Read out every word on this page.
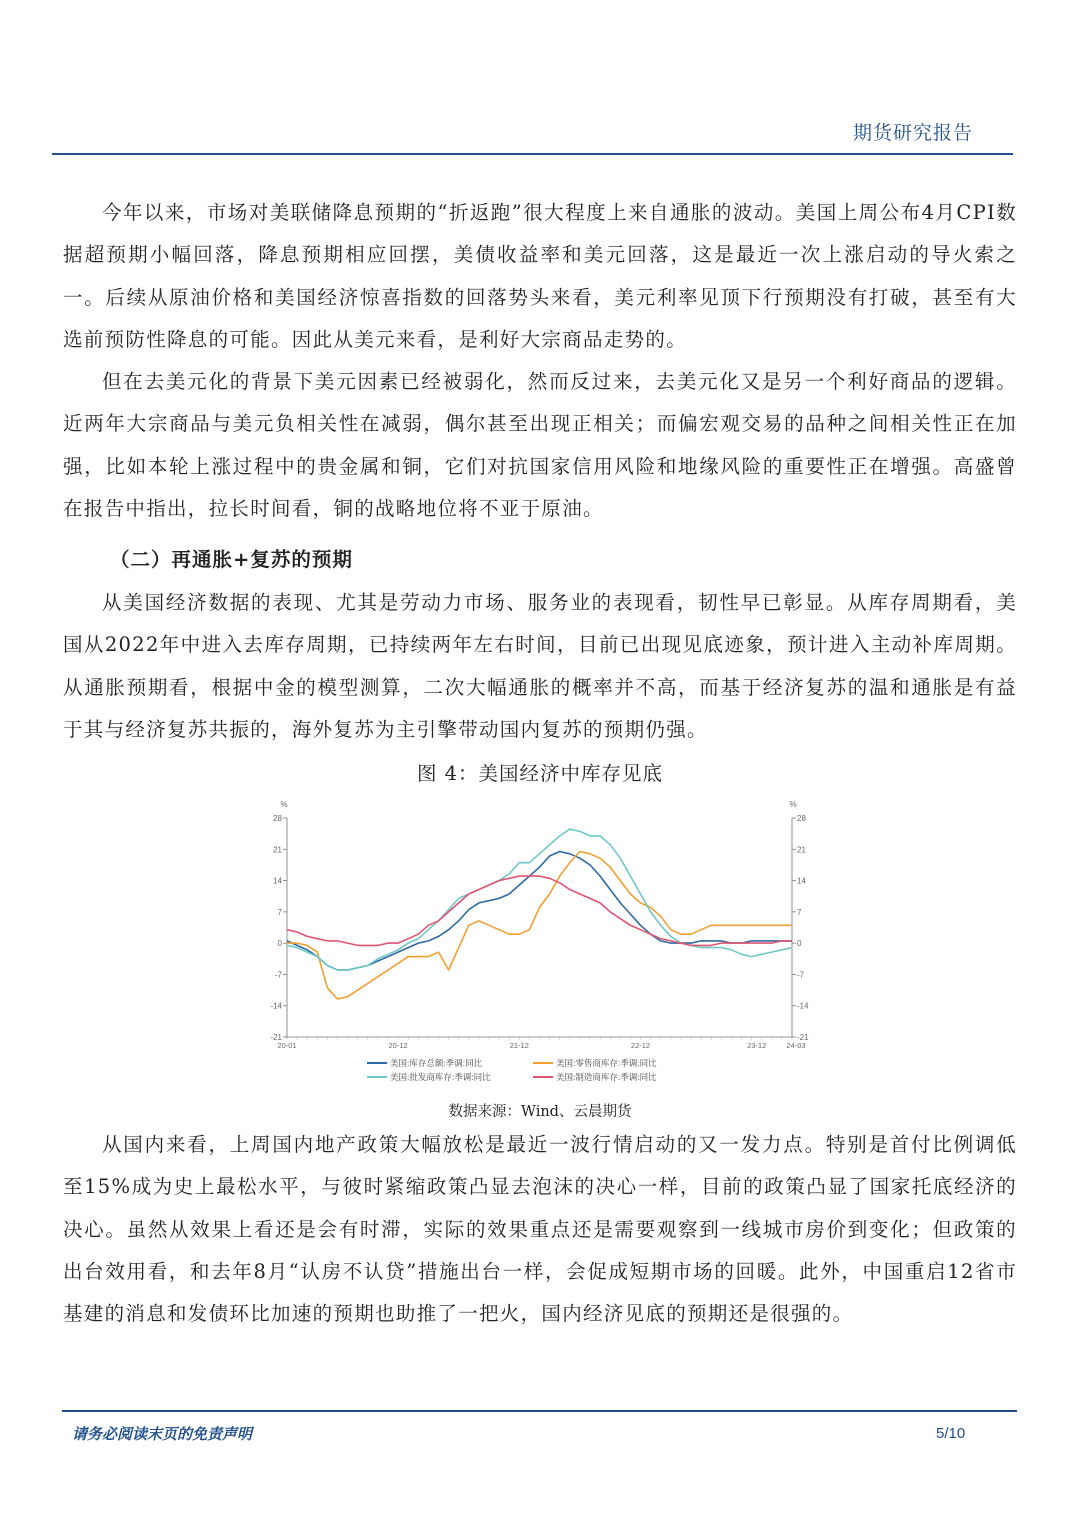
期货研究报告

今年以来，市场对美联储降息预期的“折返跑”很大程度上来自通胀的波动。美国上周公布4月CPI数据超预期小幅回落，降息预期相应回摆，美债收益率和美元回落，这是最近一次上涨启动的导火索之一。后续从原油价格和美国经济惊喜指数的回落势头来看，美元利率见顶下行预期没有打破，甚至有大选前预防性降息的可能。因此从美元来看，是利好大宗商品走势的。

但在去美元化的背景下美元因素已经被弱化，然而反过来，去美元化又是另一个利好商品的逻辑。近两年大宗商品与美元负相关性在减弱，偶尔甚至出现正相关；而偏宏观交易的品种之间相关性正在加强，比如本轮上涨过程中的贵金属和铜，它们对抗国家信用风险和地缘风险的重要性正在增强。高盛曾在报告中指出，拉长时间看，铜的战略地位将不亚于原油。

（二）再通胀+复苏的预期

从美国经济数据的表现、尤其是劳动力市场、服务业的表现看，韧性早已彰显。从库存周期看，美国从2022年中进入去库存周期，已持续两年左右时间，目前已出现见底迹象，预计进入主动补库周期。从通胀预期看，根据中金的模型测算，二次大幅通胀的概率并不高，而基于经济复苏的温和通胀是有益于其与经济复苏共振的，海外复苏为主引擎带动国内复苏的预期仍强。

图 4：美国经济中库存见底
%	%
-21	-21
-14	-14
-7	-7
0	0
7	7
14	14
21	21
28	28
20-01	20-12	21-12	22-12	23-12	24-03
美国:库存总额:季调:同比	美国:零售商库存:季调:同比
美国:批发商库存:季调:同比	美国:制造商库存:季调:同比
数据来源：Wind、云晨期货

从国内来看，上周国内地产政策大幅放松是最近一波行情启动的又一发力点。特别是首付比例调低至15%成为史上最松水平，与彼时紧缩政策凸显去泡沫的决心一样，目前的政策凸显了国家托底经济的决心。虽然从效果上看还是会有时滞，实际的效果重点还是需要观察到一线城市房价到变化；但政策的出台效用看，和去年8月“认房不认贷”措施出台一样，会促成短期市场的回暖。此外，中国重启12省市基建的消息和发债环比加速的预期也助推了一把火，国内经济见底的预期还是很强的。

请务必阅读末页的免责声明	5/10
